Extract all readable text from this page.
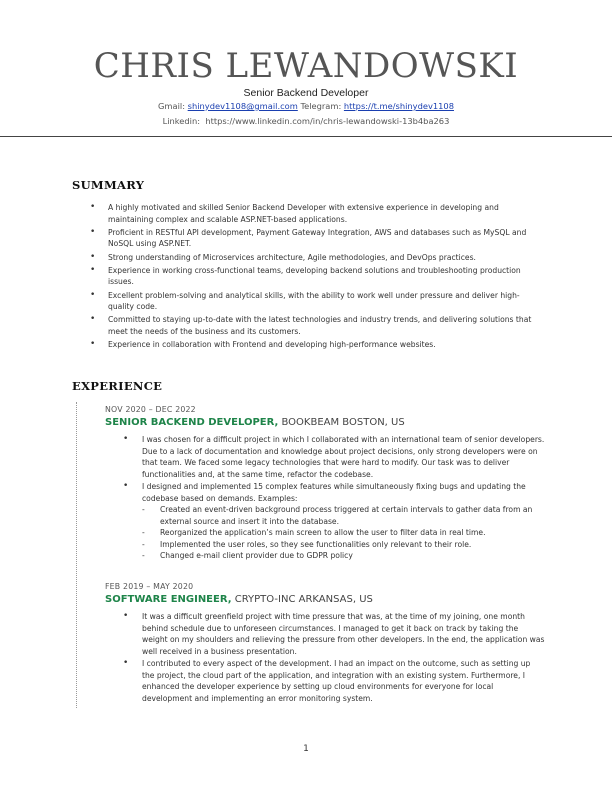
CHRIS LEWANDOWSKI
Senior Backend Developer
Gmail: shinydev1108@gmail.com Telegram: https://t.me/shinydev1108
Linkedin: https://www.linkedin.com/in/chris-lewandowski-13b4ba263
SUMMARY
• A highly motivated and skilled Senior Backend Developer with extensive experience in developing and maintaining complex and scalable ASP.NET-based applications.
• Proficient in RESTful API development, Payment Gateway Integration, AWS and databases such as MySQL and NoSQL using ASP.NET.
• Strong understanding of Microservices architecture, Agile methodologies, and DevOps practices.
• Experience in working cross-functional teams, developing backend solutions and troubleshooting production issues.
• Excellent problem-solving and analytical skills, with the ability to work well under pressure and deliver high-quality code.
• Committed to staying up-to-date with the latest technologies and industry trends, and delivering solutions that meet the needs of the business and its customers.
• Experience in collaboration with Frontend and developing high-performance websites.
EXPERIENCE
NOV 2020 – DEC 2022
SENIOR BACKEND DEVELOPER, BOOKBEAM BOSTON, US
• I was chosen for a difficult project in which I collaborated with an international team of senior developers. Due to a lack of documentation and knowledge about project decisions, only strong developers were on that team. We faced some legacy technologies that were hard to modify. Our task was to deliver functionalities and, at the same time, refactor the codebase.
• I designed and implemented 15 complex features while simultaneously fixing bugs and updating the codebase based on demands. Examples:
- Created an event-driven background process triggered at certain intervals to gather data from an external source and insert it into the database.
- Reorganized the application’s main screen to allow the user to filter data in real time.
- Implemented the user roles, so they see functionalities only relevant to their role.
- Changed e-mail client provider due to GDPR policy
FEB 2019 – MAY 2020
SOFTWARE ENGINEER, CRYPTO-INC ARKANSAS, US
• It was a difficult greenfield project with time pressure that was, at the time of my joining, one month behind schedule due to unforeseen circumstances. I managed to get it back on track by taking the weight on my shoulders and relieving the pressure from other developers. In the end, the application was well received in a business presentation.
• I contributed to every aspect of the development. I had an impact on the outcome, such as setting up the project, the cloud part of the application, and integration with an existing system. Furthermore, I enhanced the developer experience by setting up cloud environments for everyone for local development and implementing an error monitoring system.
1
